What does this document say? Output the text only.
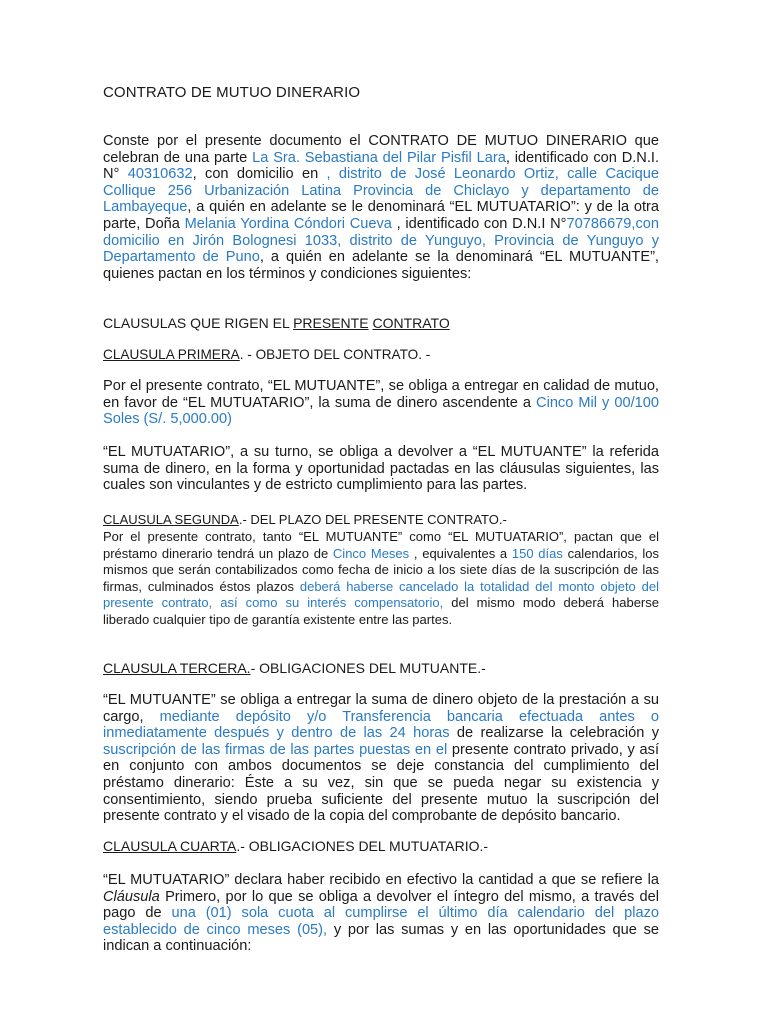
CONTRATO DE MUTUO DINERARIO

Conste por el presente documento el CONTRATO DE MUTUO DINERARIO que celebran de una parte La Sra. Sebastiana del Pilar Pisfil Lara, identificado con D.N.I. N° 40310632, con domicilio en , distrito de José Leonardo Ortiz, calle Cacique Collique 256 Urbanización Latina Provincia de Chiclayo y departamento de Lambayeque, a quién en adelante se le denominará “EL MUTUATARIO”: y de la otra parte, Doña Melania Yordina Cóndori Cueva , identificado con D.N.I N°70786679,con domicilio en Jirón Bolognesi 1033, distrito de Yunguyo, Provincia de Yunguyo y Departamento de Puno, a quién en adelante se la denominará “EL MUTUANTE”, quienes pactan en los términos y condiciones siguientes:

CLAUSULAS QUE RIGEN EL PRESENTE CONTRATO
CLAUSULA PRIMERA. - OBJETO DEL CONTRATO. -

Por el presente contrato, “EL MUTUANTE”, se obliga a entregar en calidad de mutuo, en favor de “EL MUTUATARIO”, la suma de dinero ascendente a Cinco Mil y 00/100 Soles (S/. 5,000.00)

“EL MUTUATARIO”, a su turno, se obliga a devolver a “EL MUTUANTE” la referida suma de dinero, en la forma y oportunidad pactadas en las cláusulas siguientes, las cuales son vinculantes y de estricto cumplimiento para las partes.

CLAUSULA SEGUNDA.- DEL PLAZO DEL PRESENTE CONTRATO.-

Por el presente contrato, tanto “EL MUTUANTE” como “EL MUTUATARIO”, pactan que el préstamo dinerario tendrá un plazo de Cinco Meses , equivalentes a 150 días calendarios, los mismos que serán contabilizados como fecha de inicio a los siete días de la suscripción de las firmas, culminados éstos plazos deberá haberse cancelado la totalidad del monto objeto del presente contrato, así como su interés compensatorio, del mismo modo deberá haberse liberado cualquier tipo de garantía existente entre las partes.

CLAUSULA TERCERA.- OBLIGACIONES DEL MUTUANTE.-

“EL MUTUANTE” se obliga a entregar la suma de dinero objeto de la prestación a su cargo, mediante depósito y/o Transferencia bancaria efectuada antes o inmediatamente después y dentro de las 24 horas de realizarse la celebración y suscripción de las firmas de las partes puestas en el presente contrato privado, y así en conjunto con ambos documentos se deje constancia del cumplimiento del préstamo dinerario: Éste a su vez, sin que se pueda negar su existencia y consentimiento, siendo prueba suficiente del presente mutuo la suscripción del presente contrato y el visado de la copia del comprobante de depósito bancario.

CLAUSULA CUARTA.- OBLIGACIONES DEL MUTUATARIO.-

“EL MUTUATARIO” declara haber recibido en efectivo la cantidad a que se refiere la Cláusula Primero, por lo que se obliga a devolver el íntegro del mismo, a través del pago de una (01) sola cuota al cumplirse el último día calendario del plazo establecido de cinco meses (05), y por las sumas y en las oportunidades que se indican a continuación:
